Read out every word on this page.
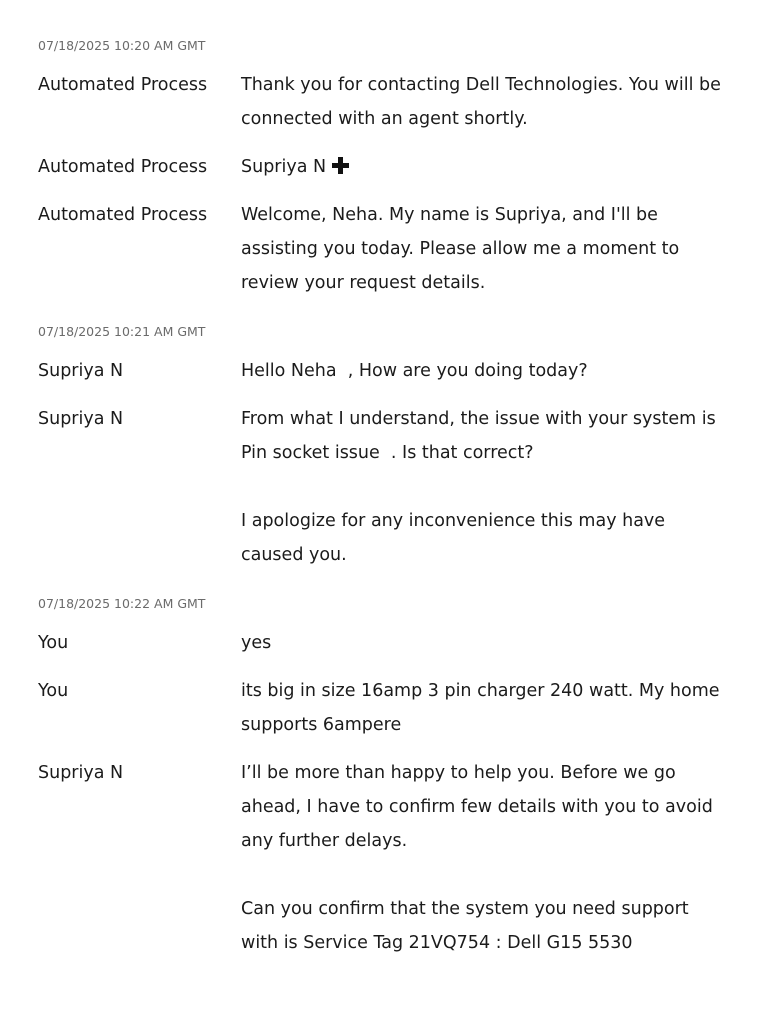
07/18/2025 10:20 AM GMT
Automated Process	Thank you for contacting Dell Technologies. You will be connected with an agent shortly.
Automated Process	Supriya N
Automated Process	Welcome, Neha. My name is Supriya, and I'll be assisting you today. Please allow me a moment to review your request details.
07/18/2025 10:21 AM GMT
Supriya N	Hello Neha  , How are you doing today?
Supriya N	From what I understand, the issue with your system is Pin socket issue  . Is that correct?

I apologize for any inconvenience this may have caused you.
07/18/2025 10:22 AM GMT
You	yes
You	its big in size 16amp 3 pin charger 240 watt. My home supports 6ampere
Supriya N	I’ll be more than happy to help you. Before we go ahead, I have to confirm few details with you to avoid any further delays.

Can you confirm that the system you need support with is Service Tag 21VQ754 : Dell G15 5530
